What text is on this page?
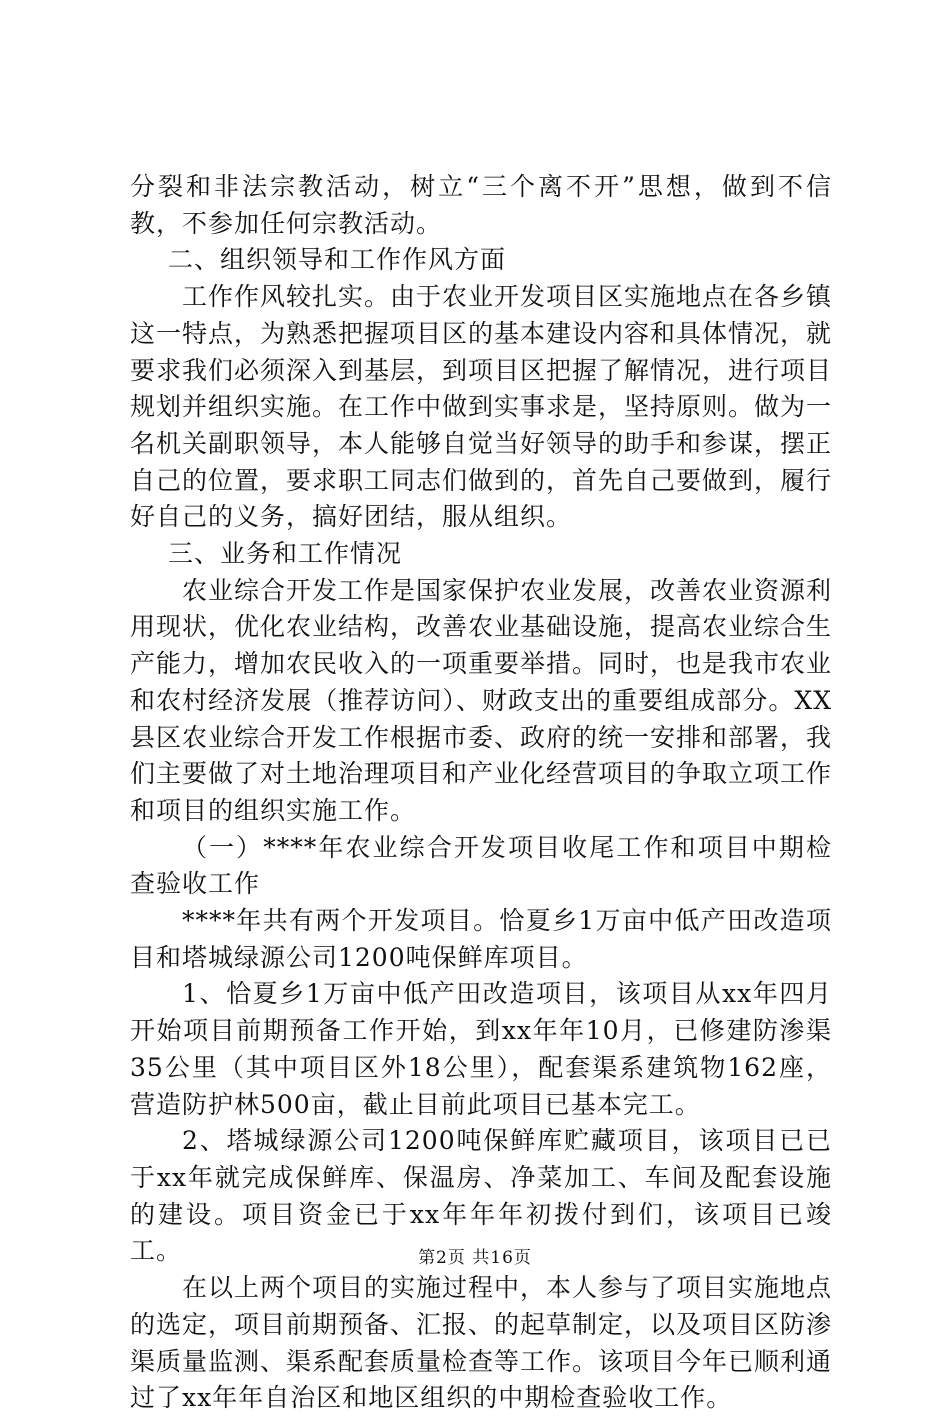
分裂和非法宗教活动，树立“三个离不开”思想，做到不信教，不参加任何宗教活动。

二、组织领导和工作作风方面

工作作风较扎实。由于农业开发项目区实施地点在各乡镇这一特点，为熟悉把握项目区的基本建设内容和具体情况，就要求我们必须深入到基层，到项目区把握了解情况，进行项目规划并组织实施。在工作中做到实事求是，坚持原则。做为一名机关副职领导，本人能够自觉当好领导的助手和参谋，摆正自己的位置，要求职工同志们做到的，首先自己要做到，履行好自己的义务，搞好团结，服从组织。

三、业务和工作情况

农业综合开发工作是国家保护农业发展，改善农业资源利用现状，优化农业结构，改善农业基础设施，提高农业综合生产能力，增加农民收入的一项重要举措。同时，也是我市农业和农村经济发展（推荐访问）、财政支出的重要组成部分。XX县区农业综合开发工作根据市委、政府的统一安排和部署，我们主要做了对土地治理项目和产业化经营项目的争取立项工作和项目的组织实施工作。

（一）****年农业综合开发项目收尾工作和项目中期检查验收工作

****年共有两个开发项目。恰夏乡1万亩中低产田改造项目和塔城绿源公司1200吨保鲜库项目。

1、恰夏乡1万亩中低产田改造项目，该项目从xx年四月开始项目前期预备工作开始，到xx年年10月，已修建防渗渠35公里（其中项目区外18公里），配套渠系建筑物162座，营造防护林500亩，截止目前此项目已基本完工。

2、塔城绿源公司1200吨保鲜库贮藏项目，该项目已已于xx年就完成保鲜库、保温房、净菜加工、车间及配套设施的建设。项目资金已于xx年年年初拨付到们，该项目已竣工。

在以上两个项目的实施过程中，本人参与了项目实施地点的选定，项目前期预备、汇报、的起草制定，以及项目区防渗渠质量监测、渠系配套质量检查等工作。该项目今年已顺利通过了xx年年自治区和地区组织的中期检查验收工作。

第2页 共16页
